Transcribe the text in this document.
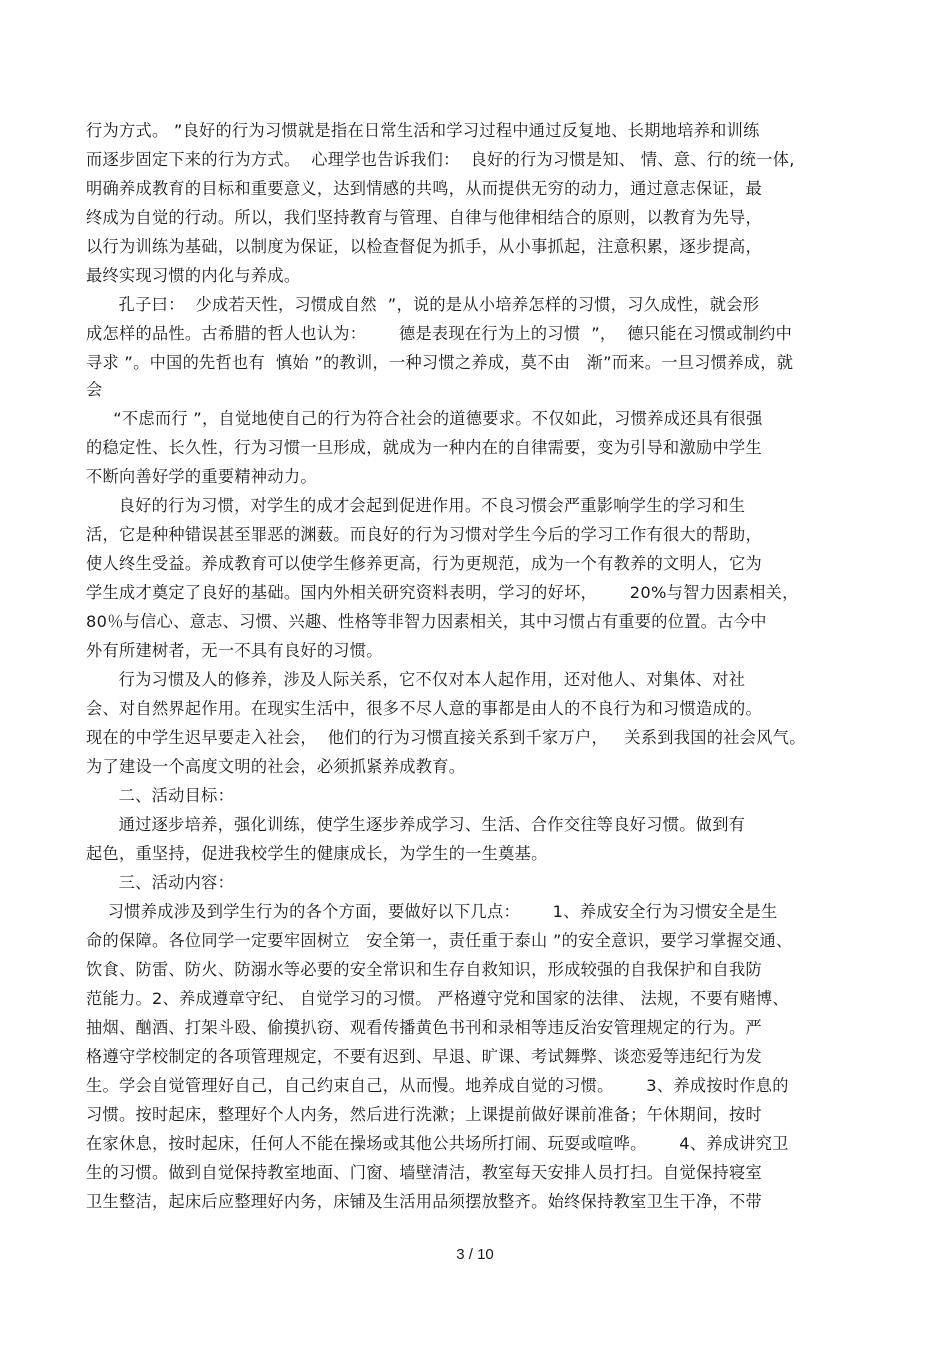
行为方式。 ”良好的行为习惯就是指在日常生活和学习过程中通过反复地、长期地培养和训练
而逐步固定下来的行为方式。  心理学也告诉我们：  良好的行为习惯是知、 情、意、行的统一体,
明确养成教育的目标和重要意义，达到情感的共鸣，从而提供无穷的动力，通过意志保证，最
终成为自觉的行动。所以，我们坚持教育与管理、自律与他律相结合的原则，以教育为先导，
以行为训练为基础，以制度为保证，以检查督促为抓手，从小事抓起，注意积累，逐步提高，
最终实现习惯的内化与养成。
孔子曰：  少成若天性，习惯成自然  ”，说的是从小培养怎样的习惯，习久成性，就会形
成怎样的品性。古希腊的哲人也认为：      德是表现在行为上的习惯  ”，  德只能在习惯或制约中
寻求 ”。中国的先哲也有  慎始 ”的教训，一种习惯之养成，莫不由   渐”而来。一旦习惯养成，就
会
“不虑而行 ”，自觉地使自己的行为符合社会的道德要求。不仅如此，习惯养成还具有很强
的稳定性、长久性，行为习惯一旦形成，就成为一种内在的自律需要，变为引导和激励中学生
不断向善好学的重要精神动力。
良好的行为习惯，对学生的成才会起到促进作用。不良习惯会严重影响学生的学习和生
活，它是种种错误甚至罪恶的渊薮。而良好的行为习惯对学生今后的学习工作有很大的帮助，
使人终生受益。养成教育可以使学生修养更高，行为更规范，成为一个有教养的文明人，它为
学生成才奠定了良好的基础。国内外相关研究资料表明，学习的好坏，      20%与智力因素相关，
80％与信心、意志、习惯、兴趣、性格等非智力因素相关，其中习惯占有重要的位置。古今中
外有所建树者，无一不具有良好的习惯。
行为习惯及人的修养，涉及人际关系，它不仅对本人起作用，还对他人、对集体、对社
会、对自然界起作用。在现实生活中，很多不尽人意的事都是由人的不良行为和习惯造成的。
现在的中学生迟早要走入社会，  他们的行为习惯直接关系到千家万户，   关系到我国的社会风气。
为了建设一个高度文明的社会，必须抓紧养成教育。
二、活动目标：
通过逐步培养，强化训练，使学生逐步养成学习、生活、合作交往等良好习惯。做到有
起色，重坚持，促进我校学生的健康成长，为学生的一生奠基。
三、活动内容：
习惯养成涉及到学生行为的各个方面，要做好以下几点：      1、养成安全行为习惯安全是生
命的保障。各位同学一定要牢固树立   安全第一，责任重于泰山 ”的安全意识，要学习掌握交通、
饮食、防雷、防火、防溺水等必要的安全常识和生存自救知识，形成较强的自我保护和自我防
范能力。2、养成遵章守纪、 自觉学习的习惯。 严格遵守党和国家的法律、 法规，不要有赌博、
抽烟、酗酒、打架斗殴、偷摸扒窃、观看传播黄色书刊和录相等违反治安管理规定的行为。严
格遵守学校制定的各项管理规定，不要有迟到、早退、旷课、考试舞弊、谈恋爱等违纪行为发
生。学会自觉管理好自己，自己约束自己，从而慢。地养成自觉的习惯。      3、养成按时作息的
习惯。按时起床，整理好个人内务，然后进行洗漱；上课提前做好课前准备；午休期间，按时
在家休息，按时起床，任何人不能在操场或其他公共场所打闹、玩耍或喧哗。      4、养成讲究卫
生的习惯。做到自觉保持教室地面、门窗、墙壁清洁，教室每天安排人员打扫。自觉保持寝室
卫生整洁，起床后应整理好内务，床铺及生活用品须摆放整齐。始终保持教室卫生干净，不带
3 / 10
